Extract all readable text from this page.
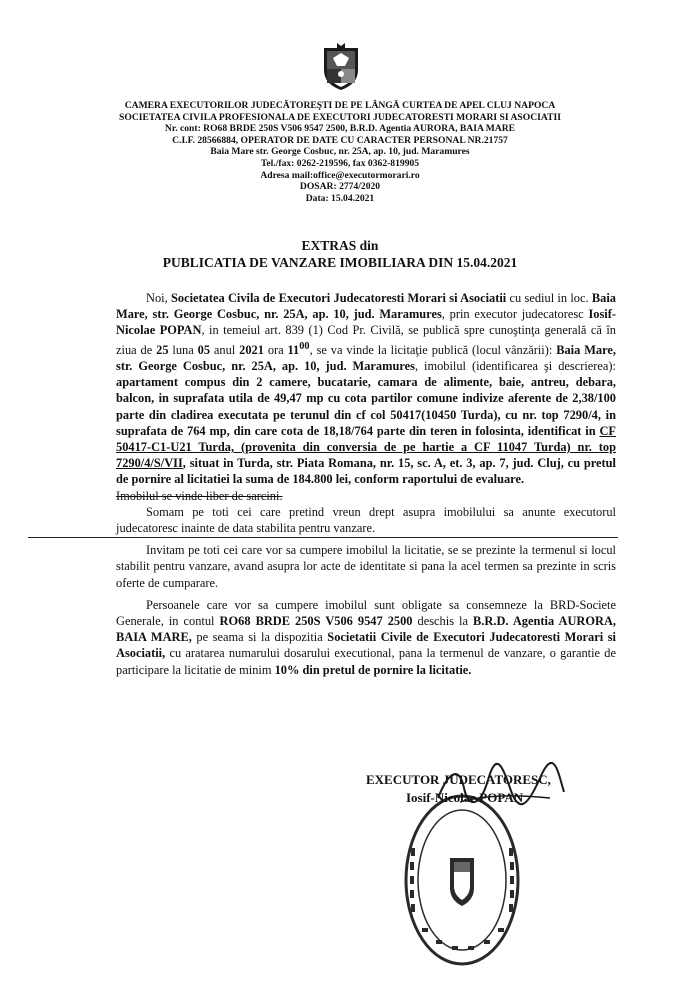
CAMERA EXECUTORILOR JUDECĂTOREŞTI DE PE LÂNGĂ CURTEA DE APEL CLUJ NAPOCA
SOCIETATEA CIVILA PROFESIONALA DE EXECUTORI JUDECATORESTI MORARI SI ASOCIATII
Nr. cont: RO68 BRDE 250S V506 9547 2500, B.R.D. Agentia AURORA, BAIA MARE
C.I.F. 28566884, OPERATOR DE DATE CU CARACTER PERSONAL NR.21757
Baia Mare str. George Cosbuc, nr. 25A, ap. 10, jud. Maramures
Tel./fax: 0262-219596, fax 0362-819905
Adresa mail:office@executormorari.ro
DOSAR: 2774/2020
Data: 15.04.2021
EXTRAS din
PUBLICATIA DE VANZARE IMOBILIARA DIN 15.04.2021

Noi, Societatea Civila de Executori Judecatoresti Morari si Asociatii cu sediul in loc. Baia Mare, str. George Cosbuc, nr. 25A, ap. 10, jud. Maramures, prin executor judecatoresc Iosif-Nicolae POPAN, in temeiul art. 839 (1) Cod Pr. Civilă, se publică spre cunoştinţa generală că în ziua de 25 luna 05 anul 2021 ora $11^{00}$, se va vinde la licitaţie publică (locul vânzării): Baia Mare, str. George Cosbuc, nr. 25A, ap. 10, jud. Maramures, imobilul (identificarea şi descrierea): apartament compus din 2 camere, bucatarie, camara de alimente, baie, antreu, debara, balcon, in suprafata utila de 49,47 mp cu cota partilor comune indivize aferente de 2,38/100 parte din cladirea executata pe terunul din cf col 50417(10450 Turda), cu nr. top 7290/4, in suprafata de 764 mp, din care cota de 18,18/764 parte din teren in folosinta, identificat in CF 50417-C1-U21 Turda, (provenita din conversia de pe hartie a CF 11047 Turda) nr. top 7290/4/S/VII, situat in Turda, str. Piata Romana, nr. 15, sc. A, et. 3, ap. 7, jud. Cluj, cu pretul de pornire al licitatiei la suma de 184.800 lei, conform raportului de evaluare.

Imobilul se vinde liber de sarcini.

Somam pe toti cei care pretind vreun drept asupra imobilului sa anunte executorul judecatoresc inainte de data stabilita pentru vanzare.

Invitam pe toti cei care vor sa cumpere imobilul la licitatie, se se prezinte la termenul si locul stabilit pentru vanzare, avand asupra lor acte de identitate si pana la acel termen sa prezinte in scris oferte de cumparare.

Persoanele care vor sa cumpere imobilul sunt obligate sa consemneze la BRD-Societe Generale, in contul RO68 BRDE 250S V506 9547 2500 deschis la B.R.D. Agentia AURORA, BAIA MARE, pe seama si la dispozitia Societatii Civile de Executori Judecatoresti Morari si Asociatii, cu aratarea numarului dosarului executional, pana la termenul de vanzare, o garantie de participare la licitatie de minim 10% din pretul de pornire la licitatie.

EXECUTOR JUDECATORESC,
Iosif-Nicolae POPAN
